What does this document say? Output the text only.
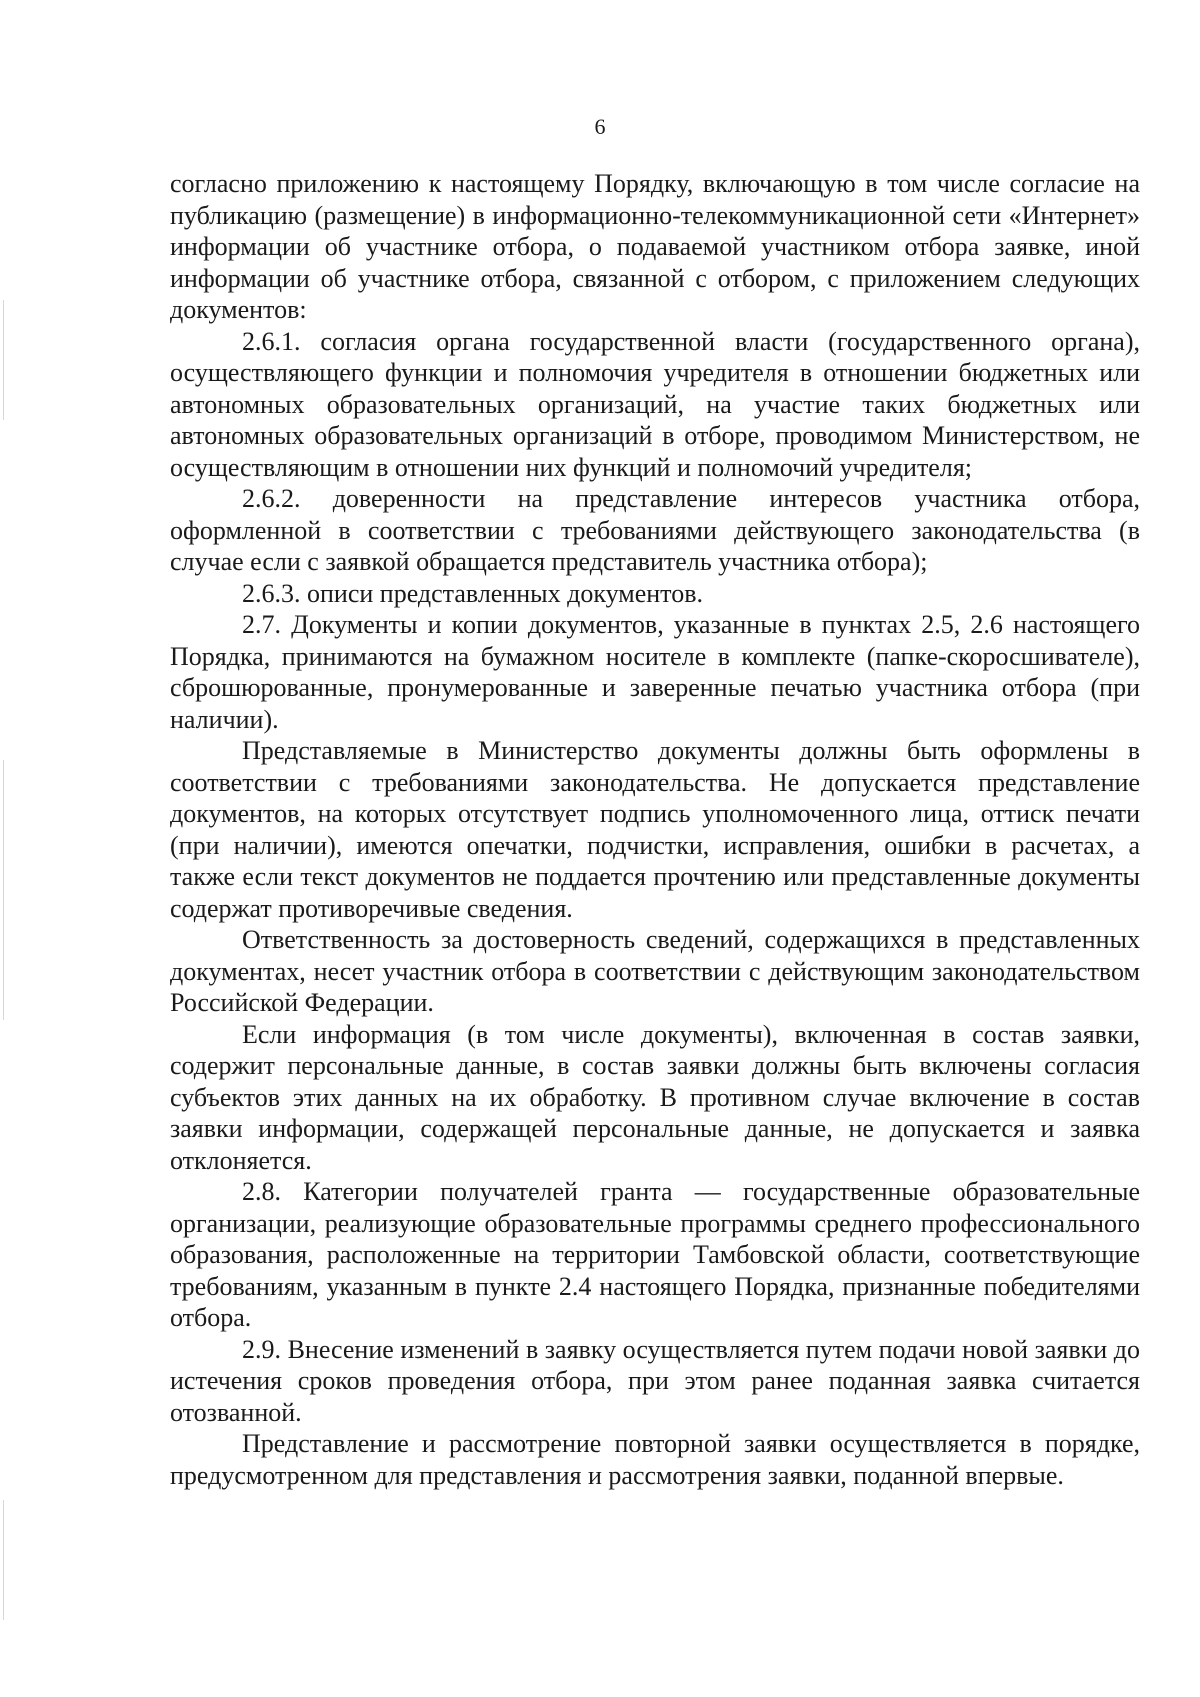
6

согласно приложению к настоящему Порядку, включающую в том числе согласие на публикацию (размещение) в информационно-телекоммуникационной сети «Интернет» информации об участнике отбора, о подаваемой участником отбора заявке, иной информации об участнике отбора, связанной с отбором, с приложением следующих документов:

2.6.1. согласия органа государственной власти (государственного органа), осуществляющего функции и полномочия учредителя в отношении бюджетных или автономных образовательных организаций, на участие таких бюджетных или автономных образовательных организаций в отборе, проводимом Министерством, не осуществляющим в отношении них функций и полномочий учредителя;

2.6.2. доверенности на представление интересов участника отбора, оформленной в соответствии с требованиями действующего законодательства (в случае если с заявкой обращается представитель участника отбора);

2.6.3. описи представленных документов.

2.7. Документы и копии документов, указанные в пунктах 2.5, 2.6 настоящего Порядка, принимаются на бумажном носителе в комплекте (папке-скоросшивателе), сброшюрованные, пронумерованные и заверенные печатью участника отбора (при наличии).

Представляемые в Министерство документы должны быть оформлены в соответствии с требованиями законодательства. Не допускается представление документов, на которых отсутствует подпись уполномоченного лица, оттиск печати (при наличии), имеются опечатки, подчистки, исправления, ошибки в расчетах, а также если текст документов не поддается прочтению или представленные документы содержат противоречивые сведения.

Ответственность за достоверность сведений, содержащихся в представленных документах, несет участник отбора в соответствии с действующим законодательством Российской Федерации.

Если информация (в том числе документы), включенная в состав заявки, содержит персональные данные, в состав заявки должны быть включены согласия субъектов этих данных на их обработку. В противном случае включение в состав заявки информации, содержащей персональные данные, не допускается и заявка отклоняется.

2.8. Категории получателей гранта — государственные образовательные организации, реализующие образовательные программы среднего профессионального образования, расположенные на территории Тамбовской области, соответствующие требованиям, указанным в пункте 2.4 настоящего Порядка, признанные победителями отбора.

2.9. Внесение изменений в заявку осуществляется путем подачи новой заявки до истечения сроков проведения отбора, при этом ранее поданная заявка считается отозванной.

Представление и рассмотрение повторной заявки осуществляется в порядке, предусмотренном для представления и рассмотрения заявки, поданной впервые.
